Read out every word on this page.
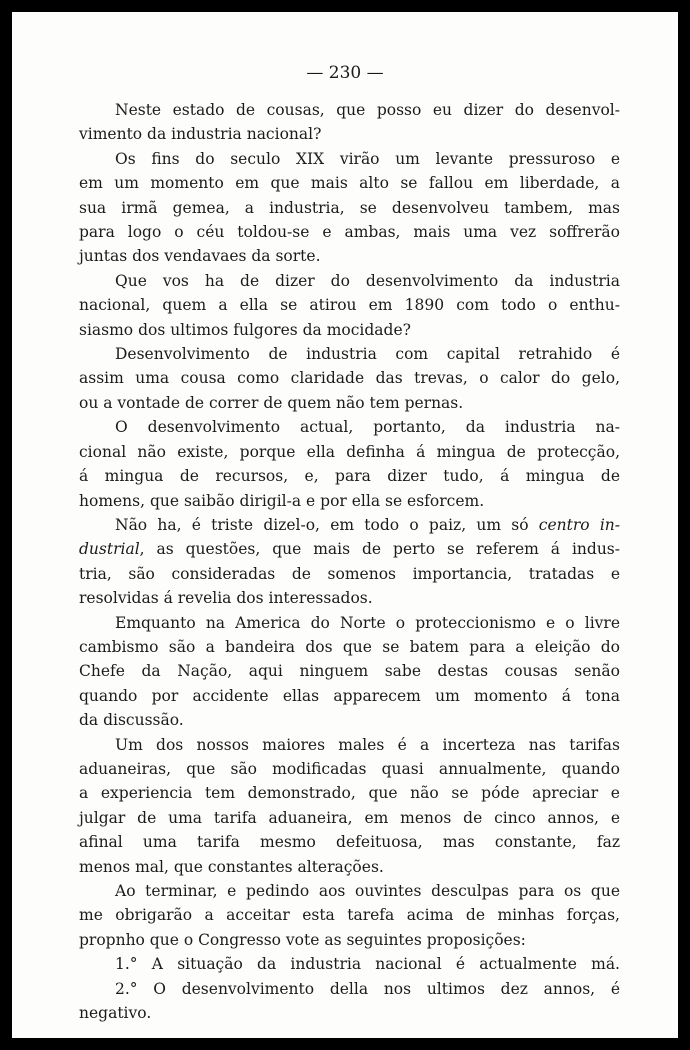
— 230 —

Neste estado de cousas, que posso eu dizer do desenvol-

vimento da industria nacional?

Os fins do seculo XIX virão um levante pressuroso e

em um momento em que mais alto se fallou em liberdade, a

sua irmã gemea, a industria, se desenvolveu tambem, mas

para logo o céu toldou-se e ambas, mais uma vez soffrerão

juntas dos vendavaes da sorte.

Que vos ha de dizer do desenvolvimento da industria

nacional, quem a ella se atirou em 1890 com todo o enthu-

siasmo dos ultimos fulgores da mocidade?

Desenvolvimento de industria com capital retrahido é

assim uma cousa como claridade das trevas, o calor do gelo,

ou a vontade de correr de quem não tem pernas.

O desenvolvimento actual, portanto, da industria na-

cional não existe, porque ella definha á mingua de protecção,

á mingua de recursos, e, para dizer tudo, á mingua de

homens, que saibão dirigil-a e por ella se esforcem.

Não ha, é triste dizel-o, em todo o paiz, um só centro in-

dustrial, as questões, que mais de perto se referem á indus-

tria, são consideradas de somenos importancia, tratadas e

resolvidas á revelia dos interessados.

Emquanto na America do Norte o proteccionismo e o livre

cambismo são a bandeira dos que se batem para a eleição do

Chefe da Nação, aqui ninguem sabe destas cousas senão

quando por accidente ellas apparecem um momento á tona

da discussão.

Um dos nossos maiores males é a incerteza nas tarifas

aduaneiras, que são modificadas quasi annualmente, quando

a experiencia tem demonstrado, que não se póde apreciar e

julgar de uma tarifa aduaneira, em menos de cinco annos, e

afinal uma tarifa mesmo defeituosa, mas constante, faz

menos mal, que constantes alterações.

Ao terminar, e pedindo aos ouvintes desculpas para os que

me obrigarão a acceitar esta tarefa acima de minhas forças,

propnho que o Congresso vote as seguintes proposições:

1.° A situação da industria nacional é actualmente má.

2.° O desenvolvimento della nos ultimos dez annos, é

negativo.
